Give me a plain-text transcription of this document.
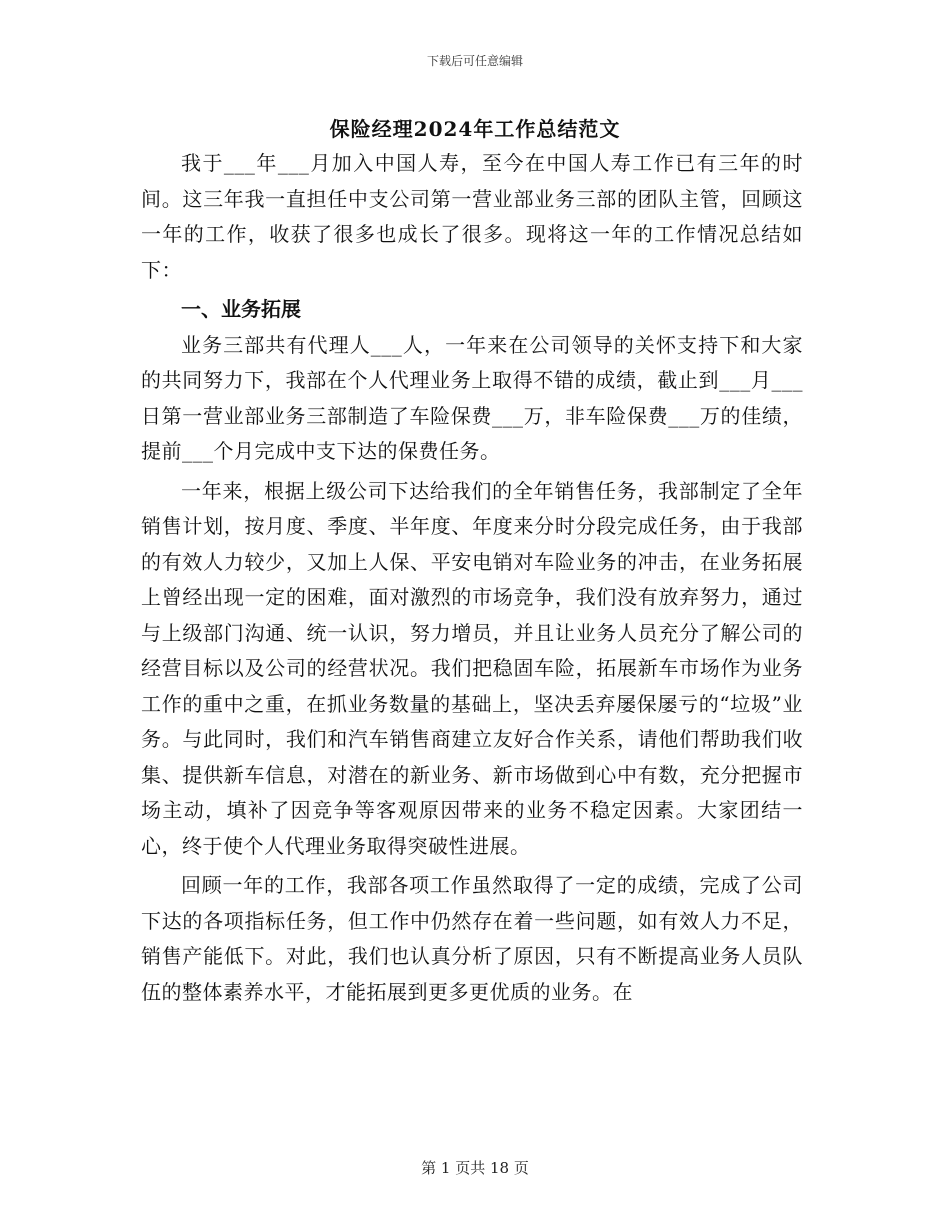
下载后可任意编辑
保险经理2024年工作总结范文

我于___年___月加入中国人寿，至今在中国人寿工作已有三年的时间。这三年我一直担任中支公司第一营业部业务三部的团队主管，回顾这一年的工作，收获了很多也成长了很多。现将这一年的工作情况总结如下：

一、业务拓展

业务三部共有代理人___人，一年来在公司领导的关怀支持下和大家的共同努力下，我部在个人代理业务上取得不错的成绩，截止到___月___日第一营业部业务三部制造了车险保费___万，非车险保费___万的佳绩，提前___个月完成中支下达的保费任务。

一年来，根据上级公司下达给我们的全年销售任务，我部制定了全年销售计划，按月度、季度、半年度、年度来分时分段完成任务，由于我部的有效人力较少，又加上人保、平安电销对车险业务的冲击，在业务拓展上曾经出现一定的困难，面对激烈的市场竞争，我们没有放弃努力，通过与上级部门沟通、统一认识，努力增员，并且让业务人员充分了解公司的经营目标以及公司的经营状况。我们把稳固车险，拓展新车市场作为业务工作的重中之重，在抓业务数量的基础上，坚决丢弃屡保屡亏的“垃圾”业务。与此同时，我们和汽车销售商建立友好合作关系，请他们帮助我们收集、提供新车信息，对潜在的新业务、新市场做到心中有数，充分把握市场主动，填补了因竞争等客观原因带来的业务不稳定因素。大家团结一心，终于使个人代理业务取得突破性进展。

回顾一年的工作，我部各项工作虽然取得了一定的成绩，完成了公司下达的各项指标任务，但工作中仍然存在着一些问题，如有效人力不足，销售产能低下。对此，我们也认真分析了原因，只有不断提高业务人员队伍的整体素养水平，才能拓展到更多更优质的业务。在

第 1 页共 18 页
